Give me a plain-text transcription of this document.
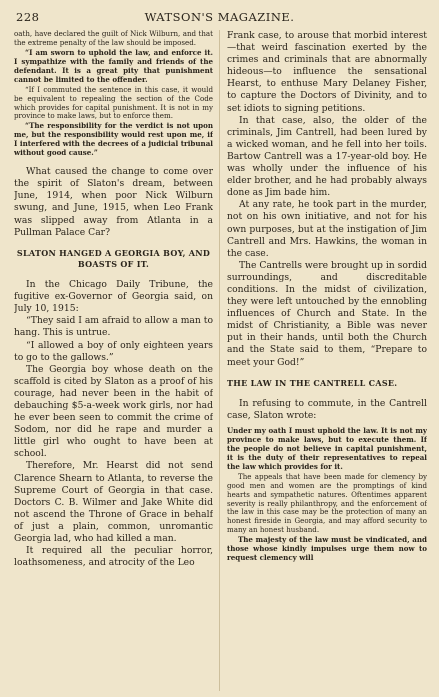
228	WATSON'S MAGAZINE.

oath, have declared the guilt of Nick Wilburn, and that the extreme penalty of the law should be imposed.

“I am sworn to uphold the law, and enforce it. I sympathize with the family and friends of the defendant. It is a great pity that punishment cannot be limited to the offender.

“If I commuted the sentence in this case, it would be equivalent to repealing the section of the Code which provides for capital punishment. It is not in my province to make laws, but to enforce them.

“The responsibility for the verdict is not upon me, but the responsibility would rest upon me, if I interfered with the decrees of a judicial tribunal without good cause.”

What caused the change to come over the spirit of Slaton's dream, between June, 1914, when poor Nick Wilburn swung, and June, 1915, when Leo Frank was slipped away from Atlanta in a Pullman Palace Car?

SLATON HANGED A GEORGIA BOY, AND BOASTS OF IT.

In the Chicago Daily Tribune, the fugitive ex-Governor of Georgia said, on July 10, 1915:

“They said I am afraid to allow a man to hang. This is untrue.

“I allowed a boy of only eighteen years to go to the gallows.”

The Georgia boy whose death on the scaffold is cited by Slaton as a proof of his courage, had never been in the habit of debauching $5-a-week work girls, nor had he ever been seen to commit the crime of Sodom, nor did he rape and murder a little girl who ought to have been at school.

Therefore, Mr. Hearst did not send Clarence Shearn to Atlanta, to reverse the Supreme Court of Georgia in that case. Doctors C. B. Wilmer and Jake White did not ascend the Throne of Grace in behalf of just a plain, common, unromantic Georgia lad, who had killed a man.

It required all the peculiar horror, loathsomeness, and atrocity of the Leo

Frank case, to arouse that morbid interest—that weird fascination exerted by the crimes and criminals that are abnormally hideous—to influence the sensational Hearst, to enthuse Mary Delaney Fisher, to capture the Doctors of Divinity, and to set idiots to signing petitions.

In that case, also, the older of the criminals, Jim Cantrell, had been lured by a wicked woman, and he fell into her toils. Bartow Cantrell was a 17-year-old boy. He was wholly under the influence of his elder brother, and he had probably always done as Jim bade him.

At any rate, he took part in the murder, not on his own initiative, and not for his own purposes, but at the instigation of Jim Cantrell and Mrs. Hawkins, the woman in the case.

The Cantrells were brought up in sordid surroundings, and discreditable conditions. In the midst of civilization, they were left untouched by the ennobling influences of Church and State. In the midst of Christianity, a Bible was never put in their hands, until both the Church and the State said to them, “Prepare to meet your God!”

THE LAW IN THE CANTRELL CASE.

In refusing to commute, in the Cantrell case, Slaton wrote:

Under my oath I must uphold the law. It is not my province to make laws, but to execute them. If the people do not believe in capital punishment, it is the duty of their representatives to repeal the law which provides for it.

The appeals that have been made for clemency by good men and women are the promptings of kind hearts and sympathetic natures. Oftentimes apparent severity is really philanthropy, and the enforcement of the law in this case may be the protection of many an honest fireside in Georgia, and may afford security to many an honest husband.

The majesty of the law must be vindicated, and those whose kindly impulses urge them now to request clemency will
